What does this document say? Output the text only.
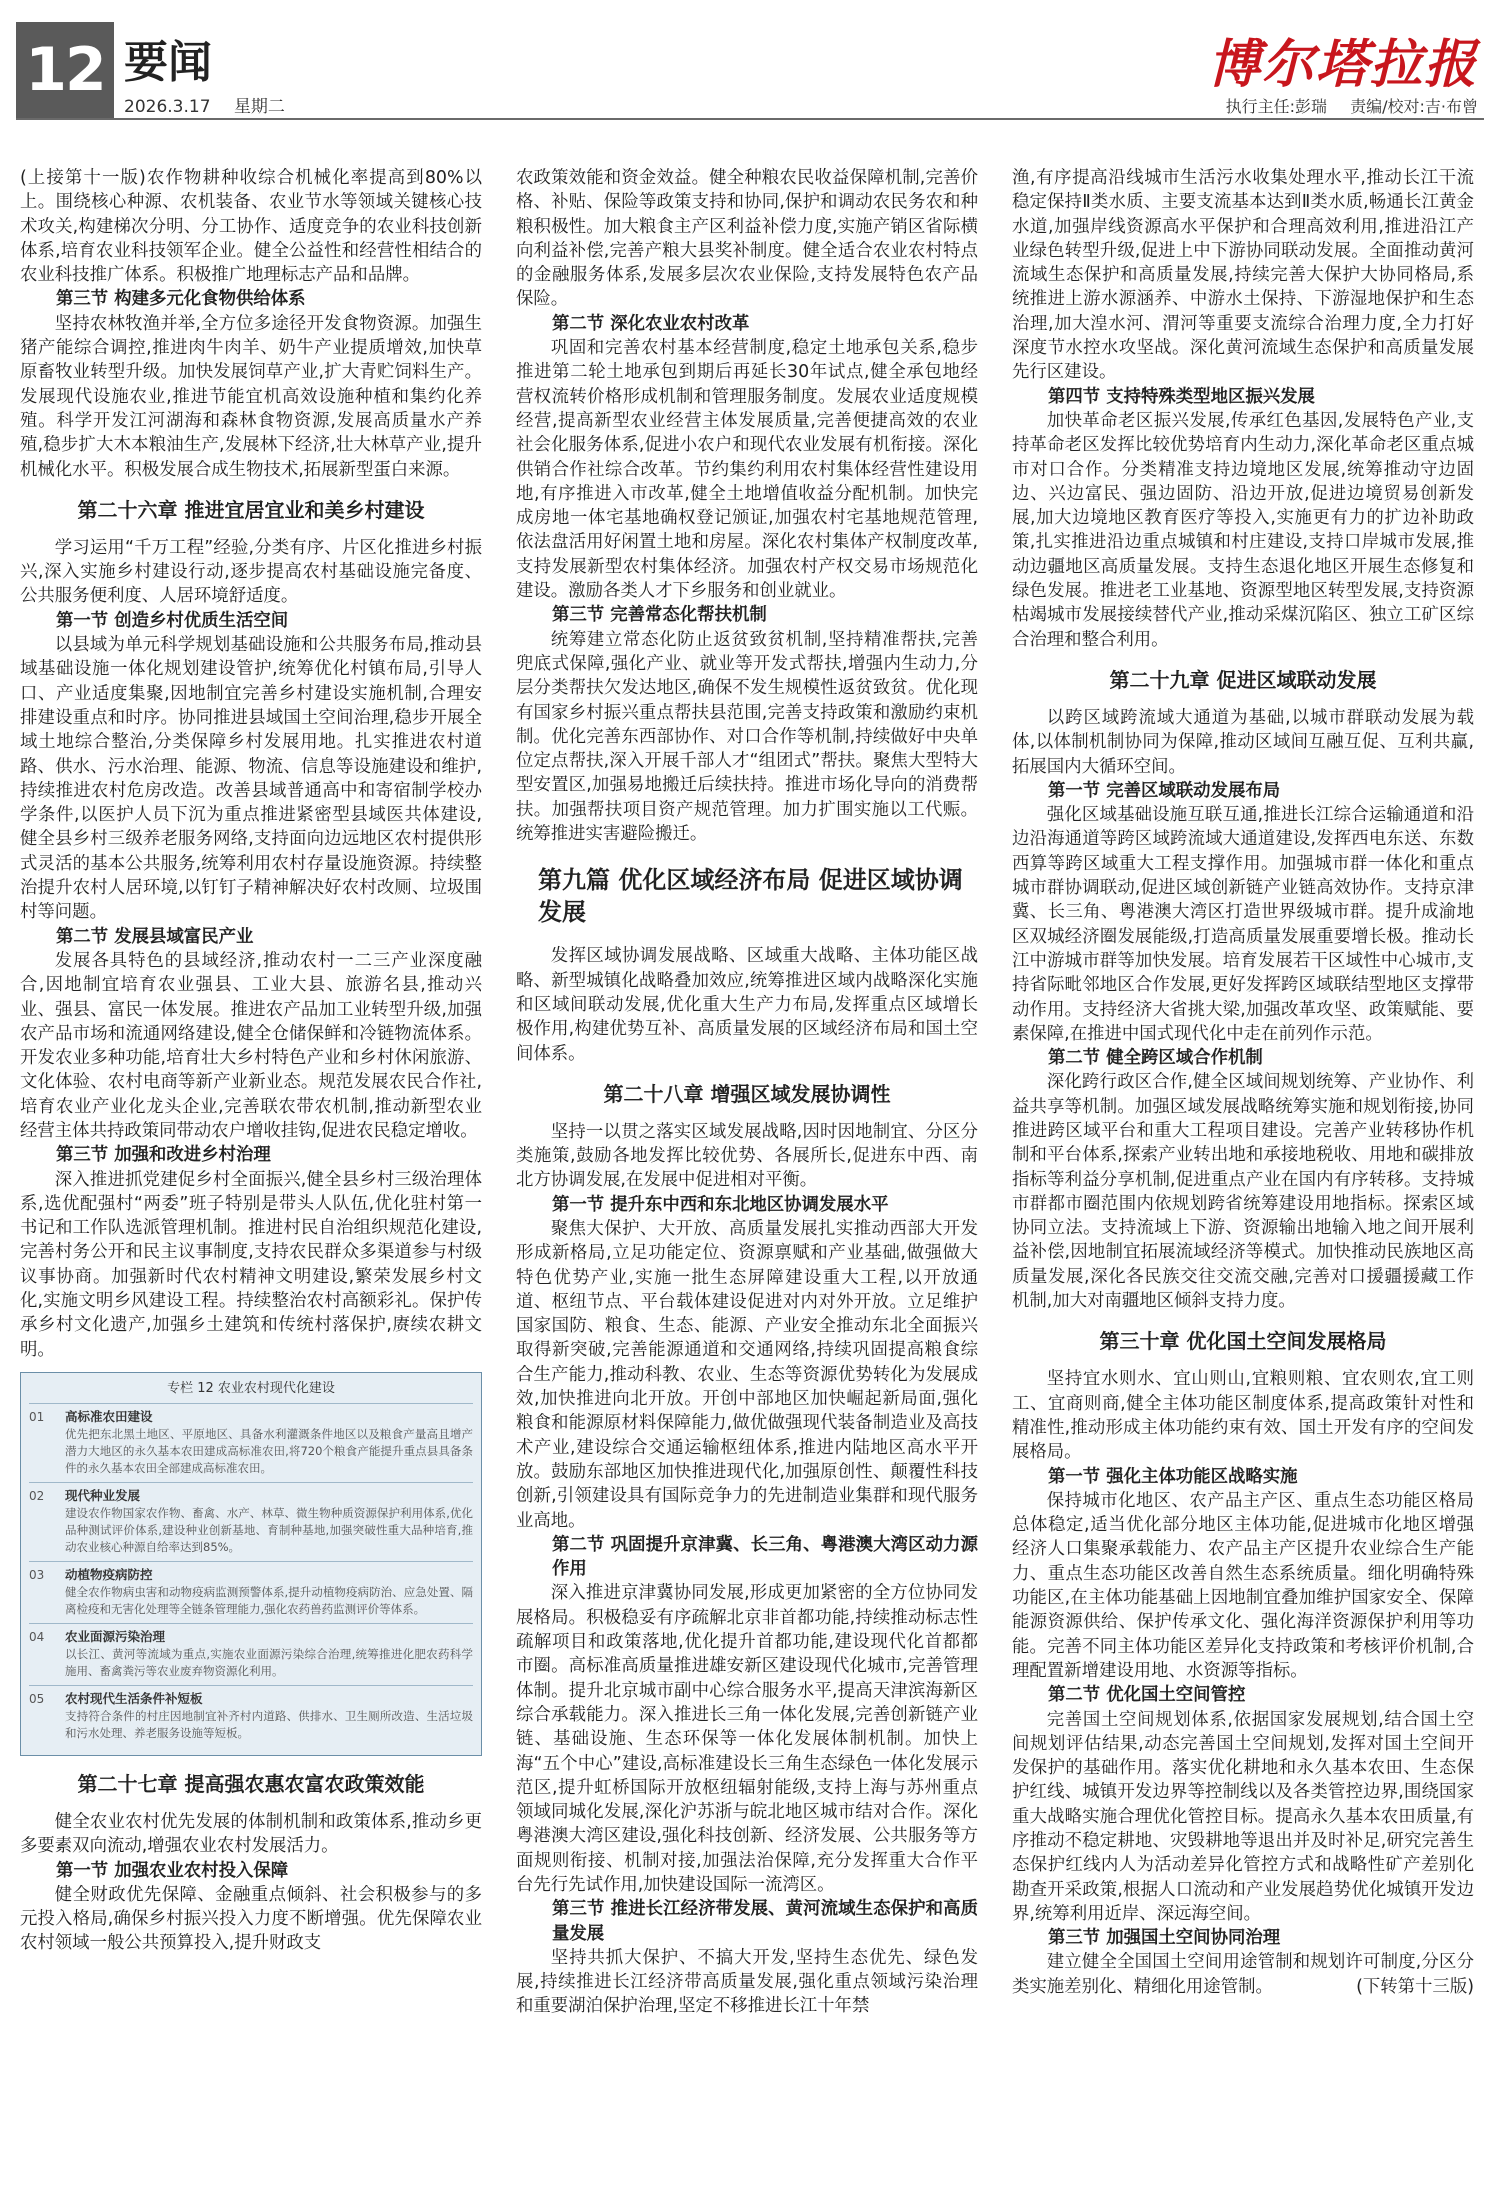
12 要闻
2026.3.17 星期二
博尔塔拉报
执行主任:彭瑞 责编/校对:吉·布曾

(上接第十一版)农作物耕种收综合机械化率提高到80%以上。围绕核心种源、农机装备、农业节水等领域关键核心技术攻关,构建梯次分明、分工协作、适度竞争的农业科技创新体系,培育农业科技领军企业。健全公益性和经营性相结合的农业科技推广体系。积极推广地理标志产品和品牌。

第三节 构建多元化食物供给体系

坚持农林牧渔并举,全方位多途径开发食物资源。加强生猪产能综合调控,推进肉牛肉羊、奶牛产业提质增效,加快草原畜牧业转型升级。加快发展饲草产业,扩大青贮饲料生产。发展现代设施农业,推进节能宜机高效设施种植和集约化养殖。科学开发江河湖海和森林食物资源,发展高质量水产养殖,稳步扩大木本粮油生产,发展林下经济,壮大林草产业,提升机械化水平。积极发展合成生物技术,拓展新型蛋白来源。

第二十六章 推进宜居宜业和美乡村建设

学习运用“千万工程”经验,分类有序、片区化推进乡村振兴,深入实施乡村建设行动,逐步提高农村基础设施完备度、公共服务便利度、人居环境舒适度。

第一节 创造乡村优质生活空间

以县域为单元科学规划基础设施和公共服务布局,推动县域基础设施一体化规划建设管护,统筹优化村镇布局,引导人口、产业适度集聚,因地制宜完善乡村建设实施机制,合理安排建设重点和时序。协同推进县域国土空间治理,稳步开展全域土地综合整治,分类保障乡村发展用地。扎实推进农村道路、供水、污水治理、能源、物流、信息等设施建设和维护,持续推进农村危房改造。改善县域普通高中和寄宿制学校办学条件,以医护人员下沉为重点推进紧密型县域医共体建设,健全县乡村三级养老服务网络,支持面向边远地区农村提供形式灵活的基本公共服务,统筹利用农村存量设施资源。持续整治提升农村人居环境,以钉钉子精神解决好农村改厕、垃圾围村等问题。

第二节 发展县域富民产业

发展各具特色的县域经济,推动农村一二三产业深度融合,因地制宜培育农业强县、工业大县、旅游名县,推动兴业、强县、富民一体发展。推进农产品加工业转型升级,加强农产品市场和流通网络建设,健全仓储保鲜和冷链物流体系。开发农业多种功能,培育壮大乡村特色产业和乡村休闲旅游、文化体验、农村电商等新产业新业态。规范发展农民合作社,培育农业产业化龙头企业,完善联农带农机制,推动新型农业经营主体共持政策同带动农户增收挂钩,促进农民稳定增收。

第三节 加强和改进乡村治理

深入推进抓党建促乡村全面振兴,健全县乡村三级治理体系,选优配强村“两委”班子特别是带头人队伍,优化驻村第一书记和工作队选派管理机制。推进村民自治组织规范化建设,完善村务公开和民主议事制度,支持农民群众多渠道参与村级议事协商。加强新时代农村精神文明建设,繁荣发展乡村文化,实施文明乡风建设工程。持续整治农村高额彩礼。保护传承乡村文化遗产,加强乡土建筑和传统村落保护,赓续农耕文明。

专栏 12 农业农村现代化建设
01	高标准农田建设
优先把东北黑土地区、平原地区、具备水利灌溉条件地区以及粮食产量高且增产潜力大地区的永久基本农田建成高标准农田,将720个粮食产能提升重点县具备条件的永久基本农田全部建成高标准农田。
02	现代种业发展
建设农作物国家农作物、畜禽、水产、林草、微生物种质资源保护利用体系,优化品种测试评价体系,建设种业创新基地、育制种基地,加强突破性重大品种培育,推动农业核心种源自给率达到85%。
03	动植物疫病防控
健全农作物病虫害和动物疫病监测预警体系,提升动植物疫病防治、应急处置、隔离检疫和无害化处理等全链条管理能力,强化农药兽药监测评价等体系。
04	农业面源污染治理
以长江、黄河等流域为重点,实施农业面源污染综合治理,统筹推进化肥农药科学施用、畜禽粪污等农业废弃物资源化利用。
05	农村现代生活条件补短板
支持符合条件的村庄因地制宜补齐村内道路、供排水、卫生厕所改造、生活垃圾和污水处理、养老服务设施等短板。
第二十七章 提高强农惠农富农政策效能

健全农业农村优先发展的体制机制和政策体系,推动乡更多要素双向流动,增强农业农村发展活力。

第一节 加强农业农村投入保障

健全财政优先保障、金融重点倾斜、社会积极参与的多元投入格局,确保乡村振兴投入力度不断增强。优先保障农业农村领域一般公共预算投入,提升财政支

农政策效能和资金效益。健全种粮农民收益保障机制,完善价格、补贴、保险等政策支持和协同,保护和调动农民务农和种粮积极性。加大粮食主产区利益补偿力度,实施产销区省际横向利益补偿,完善产粮大县奖补制度。健全适合农业农村特点的金融服务体系,发展多层次农业保险,支持发展特色农产品保险。

第二节 深化农业农村改革

巩固和完善农村基本经营制度,稳定土地承包关系,稳步推进第二轮土地承包到期后再延长30年试点,健全承包地经营权流转价格形成机制和管理服务制度。发展农业适度规模经营,提高新型农业经营主体发展质量,完善便捷高效的农业社会化服务体系,促进小农户和现代农业发展有机衔接。深化供销合作社综合改革。节约集约利用农村集体经营性建设用地,有序推进入市改革,健全土地增值收益分配机制。加快完成房地一体宅基地确权登记颁证,加强农村宅基地规范管理,依法盘活用好闲置土地和房屋。深化农村集体产权制度改革,支持发展新型农村集体经济。加强农村产权交易市场规范化建设。激励各类人才下乡服务和创业就业。

第三节 完善常态化帮扶机制

统筹建立常态化防止返贫致贫机制,坚持精准帮扶,完善兜底式保障,强化产业、就业等开发式帮扶,增强内生动力,分层分类帮扶欠发达地区,确保不发生规模性返贫致贫。优化现有国家乡村振兴重点帮扶县范围,完善支持政策和激励约束机制。优化完善东西部协作、对口合作等机制,持续做好中央单位定点帮扶,深入开展千部人才“组团式”帮扶。聚焦大型特大型安置区,加强易地搬迁后续扶持。推进市场化导向的消费帮扶。加强帮扶项目资产规范管理。加力扩围实施以工代赈。统筹推进实害避险搬迁。

第九篇 优化区域经济布局 促进区域协调发展

发挥区域协调发展战略、区域重大战略、主体功能区战略、新型城镇化战略叠加效应,统筹推进区域内战略深化实施和区域间联动发展,优化重大生产力布局,发挥重点区域增长极作用,构建优势互补、高质量发展的区域经济布局和国土空间体系。

第二十八章 增强区域发展协调性

坚持一以贯之落实区域发展战略,因时因地制宜、分区分类施策,鼓励各地发挥比较优势、各展所长,促进东中西、南北方协调发展,在发展中促进相对平衡。

第一节 提升东中西和东北地区协调发展水平

聚焦大保护、大开放、高质量发展扎实推动西部大开发形成新格局,立足功能定位、资源禀赋和产业基础,做强做大特色优势产业,实施一批生态屏障建设重大工程,以开放通道、枢纽节点、平台载体建设促进对内对外开放。立足维护国家国防、粮食、生态、能源、产业安全推动东北全面振兴取得新突破,完善能源通道和交通网络,持续巩固提高粮食综合生产能力,推动科教、农业、生态等资源优势转化为发展成效,加快推进向北开放。开创中部地区加快崛起新局面,强化粮食和能源原材料保障能力,做优做强现代装备制造业及高技术产业,建设综合交通运输枢纽体系,推进内陆地区高水平开放。鼓励东部地区加快推进现代化,加强原创性、颠覆性科技创新,引领建设具有国际竞争力的先进制造业集群和现代服务业高地。

第二节 巩固提升京津冀、长三角、粤港澳大湾区动力源作用

深入推进京津冀协同发展,形成更加紧密的全方位协同发展格局。积极稳妥有序疏解北京非首都功能,持续推动标志性疏解项目和政策落地,优化提升首都功能,建设现代化首都都市圈。高标准高质量推进雄安新区建设现代化城市,完善管理体制。提升北京城市副中心综合服务水平,提高天津滨海新区综合承载能力。深入推进长三角一体化发展,完善创新链产业链、基础设施、生态环保等一体化发展体制机制。加快上海“五个中心”建设,高标准建设长三角生态绿色一体化发展示范区,提升虹桥国际开放枢纽辐射能级,支持上海与苏州重点领域同城化发展,深化沪苏浙与皖北地区城市结对合作。深化粤港澳大湾区建设,强化科技创新、经济发展、公共服务等方面规则衔接、机制对接,加强法治保障,充分发挥重大合作平台先行先试作用,加快建设国际一流湾区。

第三节 推进长江经济带发展、黄河流域生态保护和高质量发展

坚持共抓大保护、不搞大开发,坚持生态优先、绿色发展,持续推进长江经济带高质量发展,强化重点领域污染治理和重要湖泊保护治理,坚定不移推进长江十年禁

渔,有序提高沿线城市生活污水收集处理水平,推动长江干流稳定保持Ⅱ类水质、主要支流基本达到Ⅱ类水质,畅通长江黄金水道,加强岸线资源高水平保护和合理高效利用,推进沿江产业绿色转型升级,促进上中下游协同联动发展。全面推动黄河流域生态保护和高质量发展,持续完善大保护大协同格局,系统推进上游水源涵养、中游水土保持、下游湿地保护和生态治理,加大湟水河、渭河等重要支流综合治理力度,全力打好深度节水控水攻坚战。深化黄河流域生态保护和高质量发展先行区建设。

第四节 支持特殊类型地区振兴发展

加快革命老区振兴发展,传承红色基因,发展特色产业,支持革命老区发挥比较优势培育内生动力,深化革命老区重点城市对口合作。分类精准支持边境地区发展,统筹推动守边固边、兴边富民、强边固防、沿边开放,促进边境贸易创新发展,加大边境地区教育医疗等投入,实施更有力的扩边补助政策,扎实推进沿边重点城镇和村庄建设,支持口岸城市发展,推动边疆地区高质量发展。支持生态退化地区开展生态修复和绿色发展。推进老工业基地、资源型地区转型发展,支持资源枯竭城市发展接续替代产业,推动采煤沉陷区、独立工矿区综合治理和整合利用。

第二十九章 促进区域联动发展

以跨区域跨流域大通道为基础,以城市群联动发展为载体,以体制机制协同为保障,推动区域间互融互促、互利共赢,拓展国内大循环空间。

第一节 完善区域联动发展布局

强化区域基础设施互联互通,推进长江综合运输通道和沿边沿海通道等跨区域跨流域大通道建设,发挥西电东送、东数西算等跨区域重大工程支撑作用。加强城市群一体化和重点城市群协调联动,促进区域创新链产业链高效协作。支持京津冀、长三角、粤港澳大湾区打造世界级城市群。提升成渝地区双城经济圈发展能级,打造高质量发展重要增长极。推动长江中游城市群等加快发展。培育发展若干区域性中心城市,支持省际毗邻地区合作发展,更好发挥跨区域联结型地区支撑带动作用。支持经济大省挑大梁,加强改革攻坚、政策赋能、要素保障,在推进中国式现代化中走在前列作示范。

第二节 健全跨区域合作机制

深化跨行政区合作,健全区域间规划统筹、产业协作、利益共享等机制。加强区域发展战略统筹实施和规划衔接,协同推进跨区域平台和重大工程项目建设。完善产业转移协作机制和平台体系,探索产业转出地和承接地税收、用地和碳排放指标等利益分享机制,促进重点产业在国内有序转移。支持城市群都市圈范围内依规划跨省统筹建设用地指标。探索区域协同立法。支持流域上下游、资源输出地输入地之间开展利益补偿,因地制宜拓展流域经济等模式。加快推动民族地区高质量发展,深化各民族交往交流交融,完善对口援疆援藏工作机制,加大对南疆地区倾斜支持力度。

第三十章 优化国土空间发展格局

坚持宜水则水、宜山则山,宜粮则粮、宜农则农,宜工则工、宜商则商,健全主体功能区制度体系,提高政策针对性和精准性,推动形成主体功能约束有效、国土开发有序的空间发展格局。

第一节 强化主体功能区战略实施

保持城市化地区、农产品主产区、重点生态功能区格局总体稳定,适当优化部分地区主体功能,促进城市化地区增强经济人口集聚承载能力、农产品主产区提升农业综合生产能力、重点生态功能区改善自然生态系统质量。细化明确特殊功能区,在主体功能基础上因地制宜叠加维护国家安全、保障能源资源供给、保护传承文化、强化海洋资源保护利用等功能。完善不同主体功能区差异化支持政策和考核评价机制,合理配置新增建设用地、水资源等指标。

第二节 优化国土空间管控

完善国土空间规划体系,依据国家发展规划,结合国土空间规划评估结果,动态完善国土空间规划,发挥对国土空间开发保护的基础作用。落实优化耕地和永久基本农田、生态保护红线、城镇开发边界等控制线以及各类管控边界,围绕国家重大战略实施合理优化管控目标。提高永久基本农田质量,有序推动不稳定耕地、灾毁耕地等退出并及时补足,研究完善生态保护红线内人为活动差异化管控方式和战略性矿产差别化勘查开采政策,根据人口流动和产业发展趋势优化城镇开发边界,统筹利用近岸、深远海空间。

第三节 加强国土空间协同治理

建立健全全国国土空间用途管制和规划许可制度,分区分类实施差别化、精细化用途管制。	(下转第十三版)
